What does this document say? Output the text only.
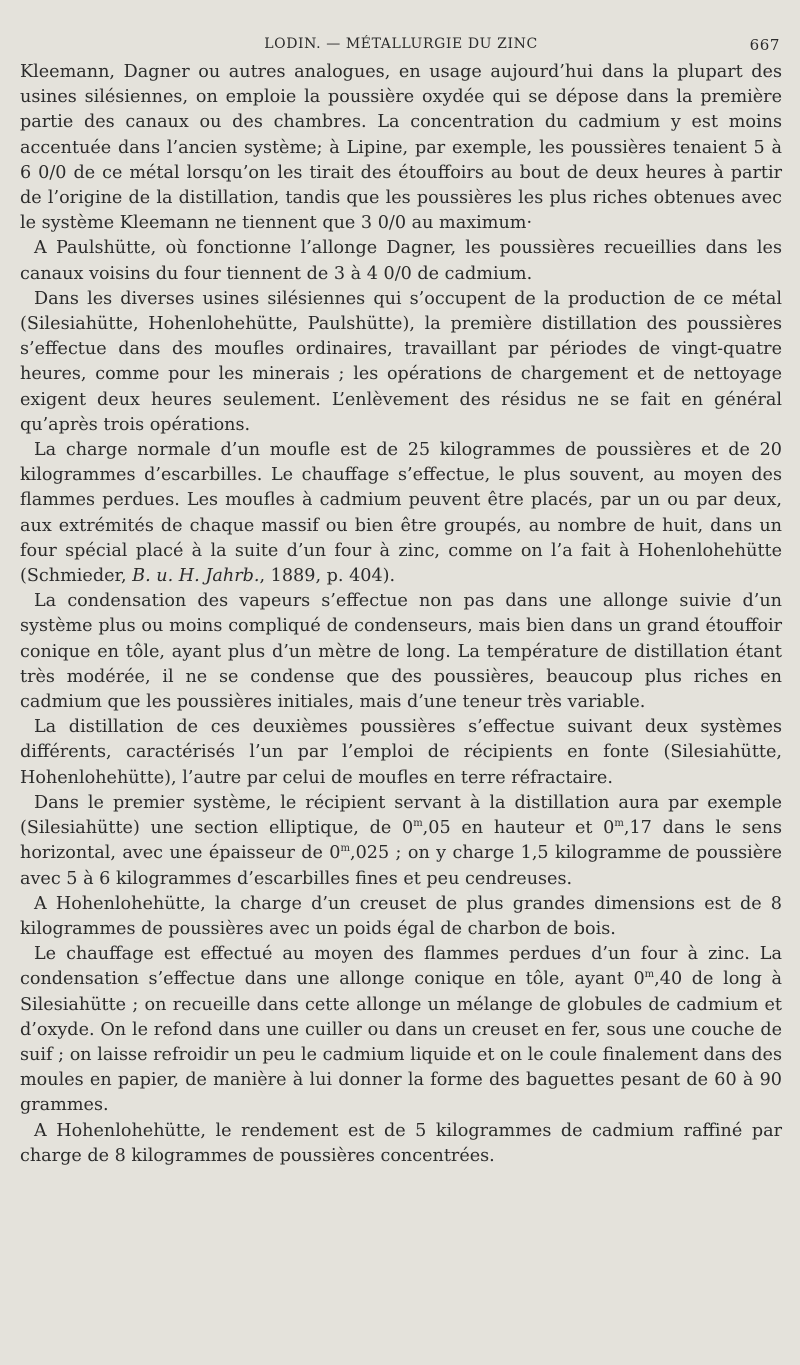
LODIN. — MÉTALLURGIE DU ZINC	667

Kleemann, Dagner ou autres analogues, en usage aujourd’hui dans la plupart des usines silésiennes, on emploie la poussière oxydée qui se dépose dans la première partie des canaux ou des chambres. La concentration du cadmium y est moins accentuée dans l’ancien système; à Lipine, par exemple, les poussières tenaient 5 à 6 0/0 de ce métal lorsqu’on les tirait des étouffoirs au bout de deux heures à partir de l’origine de la distillation, tandis que les poussières les plus riches obtenues avec le système Kleemann ne tiennent que 3 0/0 au maximum·

A Paulshütte, où fonctionne l’allonge Dagner, les poussières recueillies dans les canaux voisins du four tiennent de 3 à 4 0/0 de cadmium.

Dans les diverses usines silésiennes qui s’occupent de la production de ce métal (Silesiahütte, Hohenlohehütte, Paulshütte), la première distillation des poussières s’effectue dans des moufles ordinaires, travaillant par périodes de vingt-quatre heures, comme pour les minerais ; les opérations de chargement et de nettoyage exigent deux heures seulement. L’enlèvement des résidus ne se fait en général qu’après trois opérations.

La charge normale d’un moufle est de 25 kilogrammes de poussières et de 20 kilogrammes d’escarbilles. Le chauffage s’effectue, le plus souvent, au moyen des flammes perdues. Les moufles à cadmium peuvent être placés, par un ou par deux, aux extrémités de chaque massif ou bien être groupés, au nombre de huit, dans un four spécial placé à la suite d’un four à zinc, comme on l’a fait à Hohenlohehütte (Schmieder, B. u. H. Jahrb., 1889, p. 404).

La condensation des vapeurs s’effectue non pas dans une allonge suivie d’un système plus ou moins compliqué de condenseurs, mais bien dans un grand étouffoir conique en tôle, ayant plus d’un mètre de long. La température de distillation étant très modérée, il ne se condense que des poussières, beaucoup plus riches en cadmium que les poussières initiales, mais d’une teneur très variable.

La distillation de ces deuxièmes poussières s’effectue suivant deux systèmes différents, caractérisés l’un par l’emploi de récipients en fonte (Silesiahütte, Hohenlohehütte), l’autre par celui de moufles en terre réfractaire.

Dans le premier système, le récipient servant à la distillation aura par exemple (Silesiahütte) une section elliptique, de 0$^m$,05 en hauteur et 0$^m$,17 dans le sens horizontal, avec une épaisseur de 0$^m$,025 ; on y charge 1,5 kilogramme de poussière avec 5 à 6 kilogrammes d’escarbilles fines et peu cendreuses.

A Hohenlohehütte, la charge d’un creuset de plus grandes dimensions est de 8 kilogrammes de poussières avec un poids égal de charbon de bois.

Le chauffage est effectué au moyen des flammes perdues d’un four à zinc. La condensation s’effectue dans une allonge conique en tôle, ayant 0$^m$,40 de long à Silesiahütte ; on recueille dans cette allonge un mélange de globules de cadmium et d’oxyde. On le refond dans une cuiller ou dans un creuset en fer, sous une couche de suif ; on laisse refroidir un peu le cadmium liquide et on le coule finalement dans des moules en papier, de manière à lui donner la forme des baguettes pesant de 60 à 90 grammes.

A Hohenlohehütte, le rendement est de 5 kilogrammes de cadmium raffiné par charge de 8 kilogrammes de poussières concentrées.
